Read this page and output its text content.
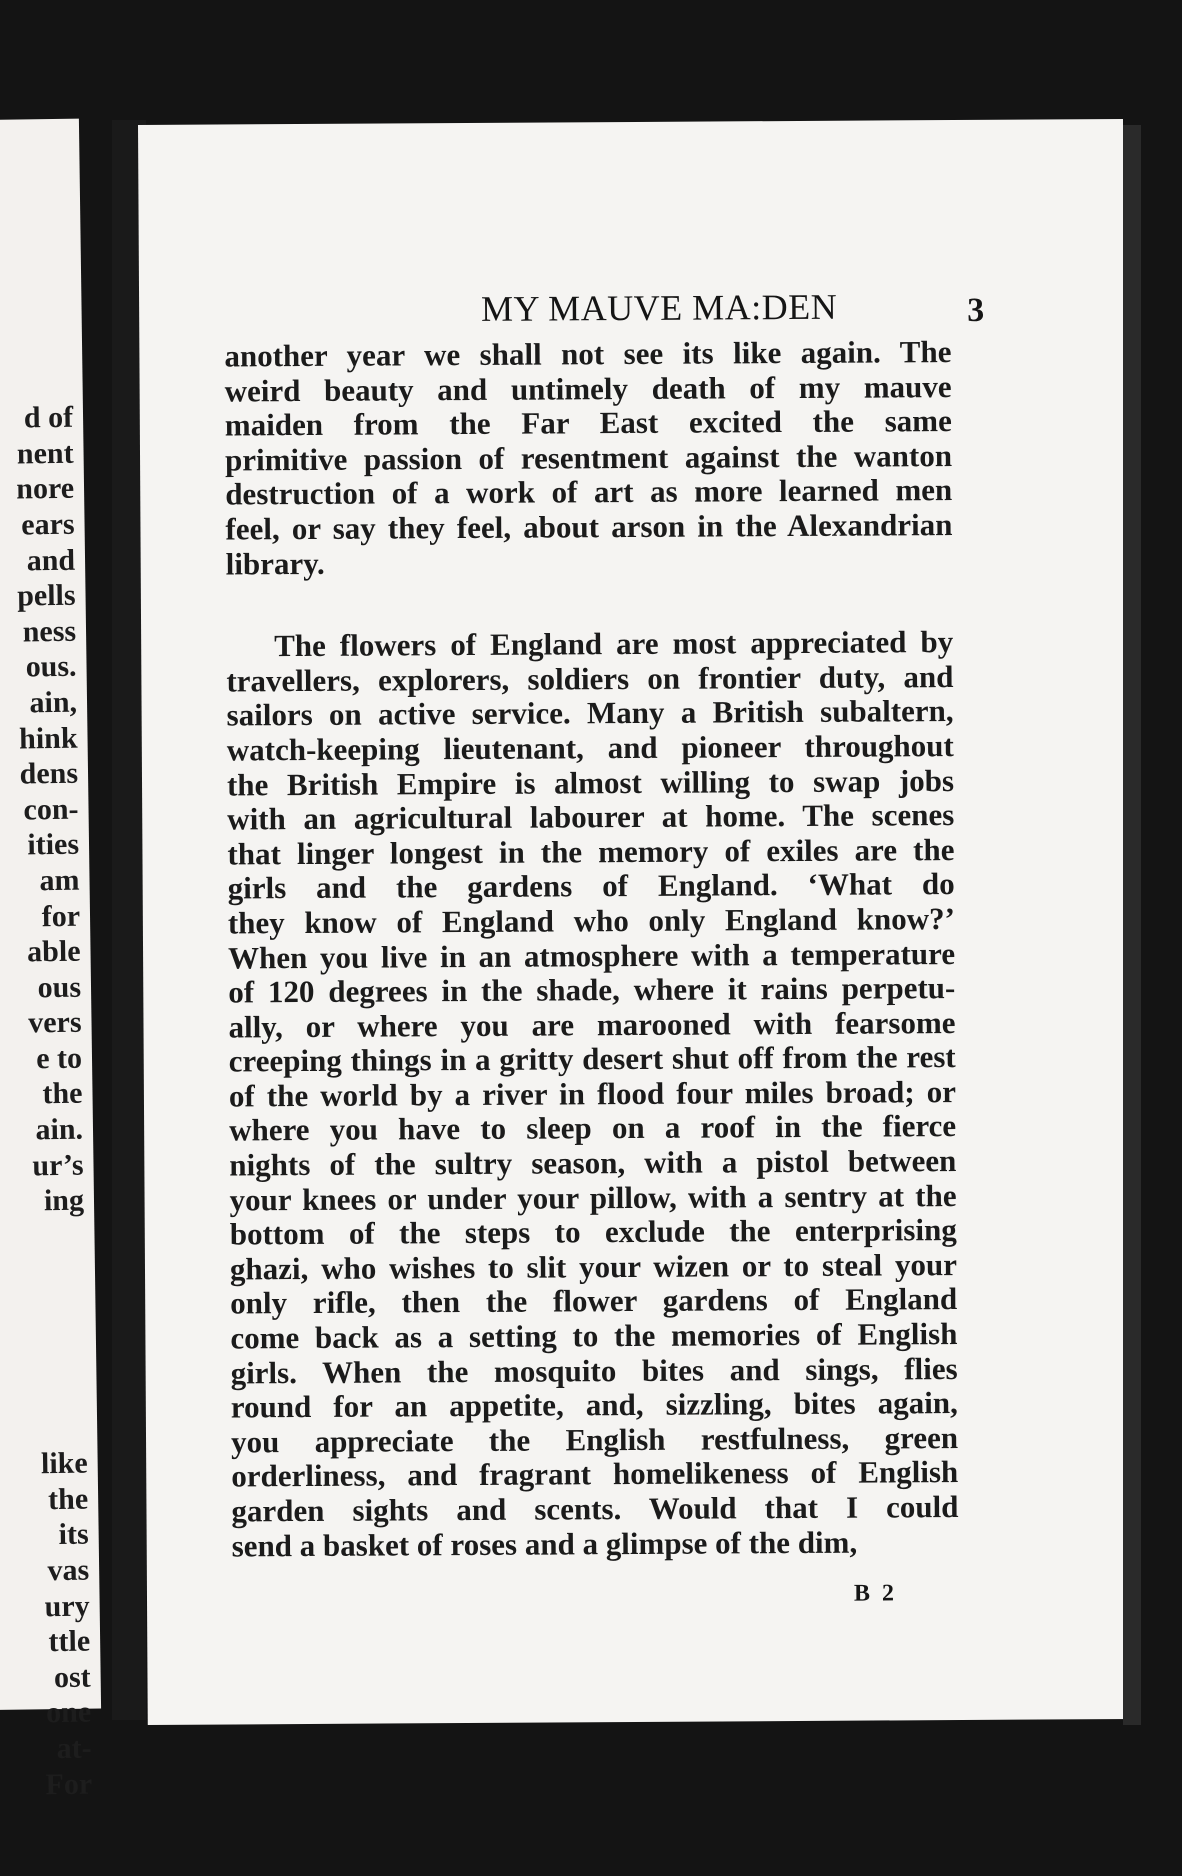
d of
nent
nore
ears
and
pells
ness
ous.
ain,
hink
dens
con-
ities
am
for
able
ous
vers
e to
the
ain.
ur’s
ing

like
the
its
vas
ury
ttle
ost
one
at-
For

MY MAUVE MA:DEN	3
another year we shall not see its like again. The
weird beauty and untimely death of my mauve
maiden from the Far East excited the same
primitive passion of resentment against the wanton
destruction of a work of art as more learned men
feel, or say they feel, about arson in the Alexandrian
library.
The flowers of England are most appreciated by
travellers, explorers, soldiers on frontier duty, and
sailors on active service. Many a British subaltern,
watch-keeping lieutenant, and pioneer throughout
the British Empire is almost willing to swap jobs
with an agricultural labourer at home. The scenes
that linger longest in the memory of exiles are the
girls and the gardens of England. ‘What do
they know of England who only England know?’
When you live in an atmosphere with a temperature
of 120 degrees in the shade, where it rains perpetu-
ally, or where you are marooned with fearsome
creeping things in a gritty desert shut off from the rest
of the world by a river in flood four miles broad; or
where you have to sleep on a roof in the fierce
nights of the sultry season, with a pistol between
your knees or under your pillow, with a sentry at the
bottom of the steps to exclude the enterprising
ghazi, who wishes to slit your wizen or to steal your
only rifle, then the flower gardens of England
come back as a setting to the memories of English
girls. When the mosquito bites and sings, flies
round for an appetite, and, sizzling, bites again,
you appreciate the English restfulness, green
orderliness, and fragrant homelikeness of English
garden sights and scents. Would that I could
send a basket of roses and a glimpse of the dim,
B 2
